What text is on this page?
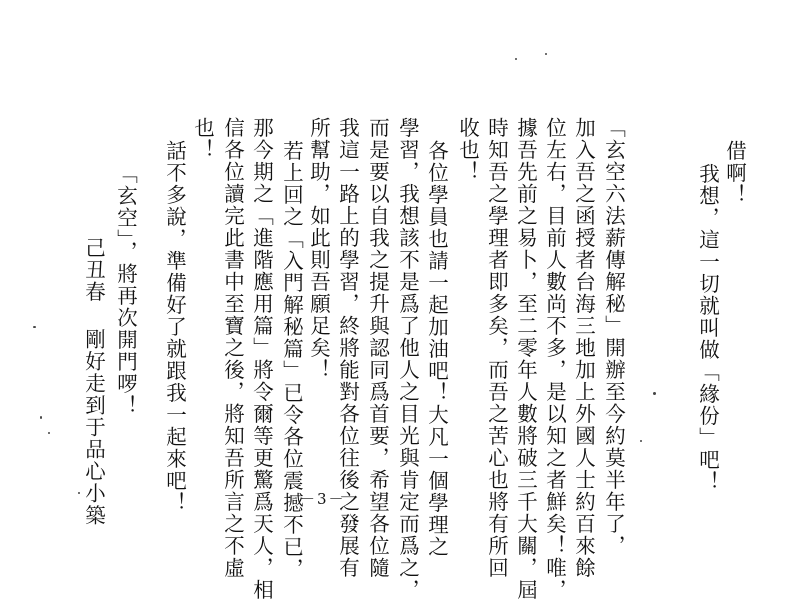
借啊！
我想，這一切就叫做「緣份」吧！
「玄空六法薪傳解秘」開辦至今約莫半年了，
加入吾之函授者台海三地加上外國人士約百來餘
位左右，目前人數尚不多，是以知之者鮮矣！唯，
據吾先前之易卜，至二零年人數將破三千大關，屆
時知吾之學理者即多矣，而吾之苦心也將有所回
收也！
各位學員也請一起加油吧！大凡一個學理之
學習，我想該不是爲了他人之目光與肯定而爲之，
而是要以自我之提升與認同爲首要，希望各位隨
我這一路上的學習，終將能對各位往後之發展有
所幫助，如此則吾願足矣！
若上回之「入門解秘篇」已令各位震撼不已，
那今期之「進階應用篇」將令爾等更驚爲天人，相
信各位讀完此書中至寶之後，將知吾所言之不虛
也！
話不多說，準備好了就跟我一起來吧！
「玄空」，將再次開門啰！
己丑春 剛好走到于品心小築	－3－
